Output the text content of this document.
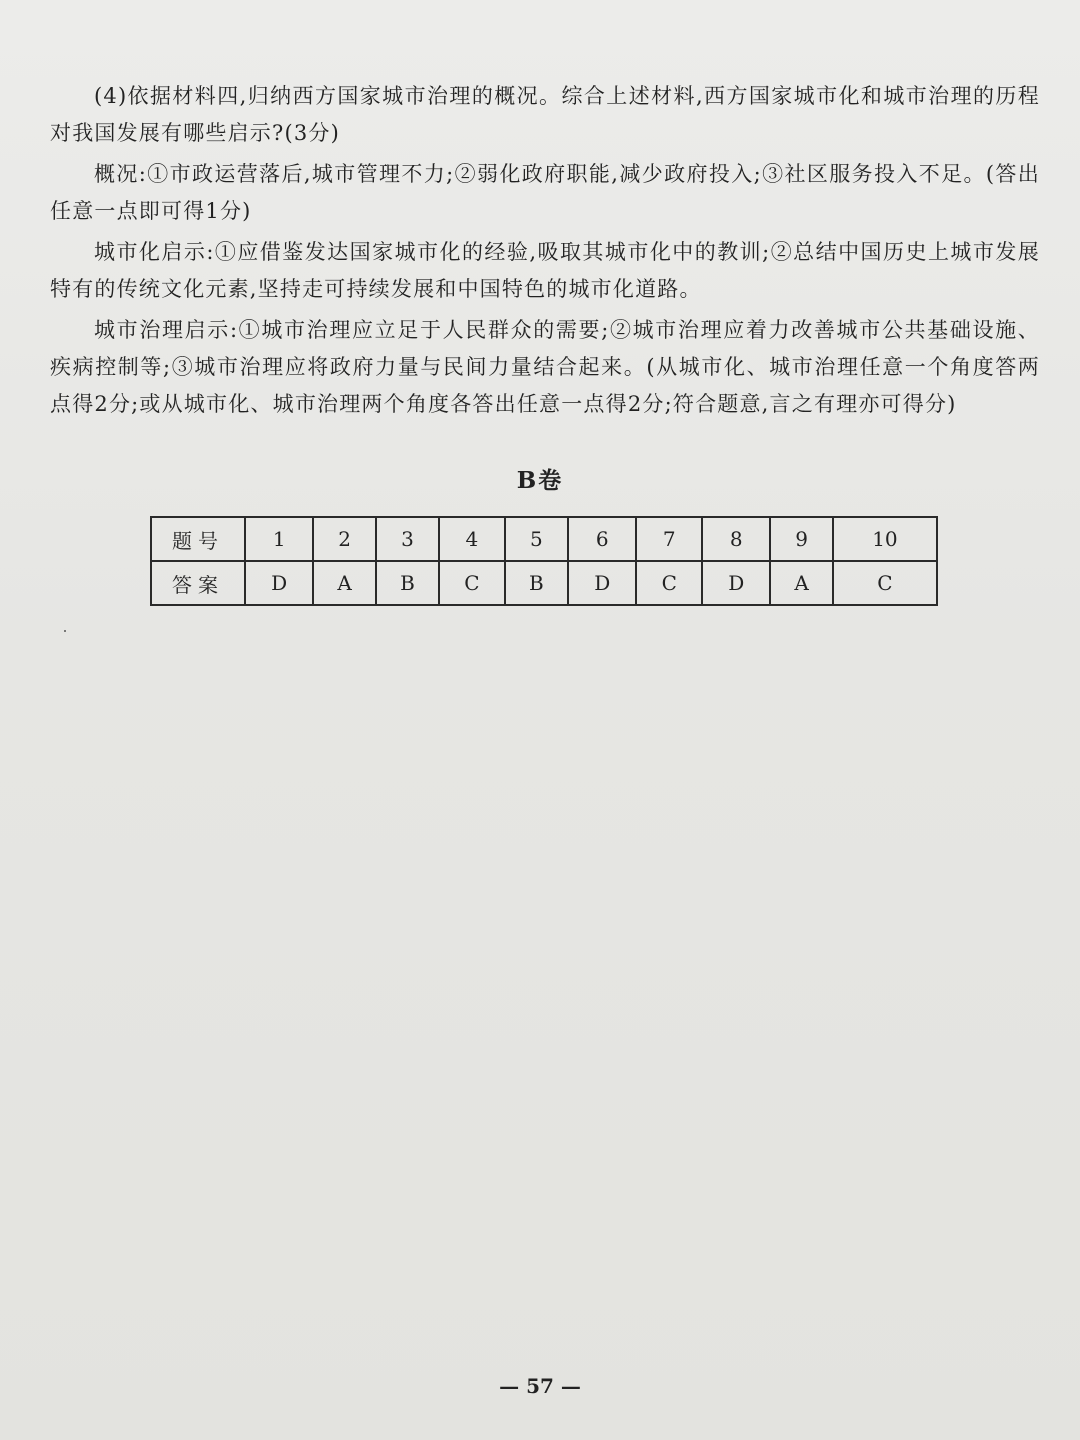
(4)依据材料四,归纳西方国家城市治理的概况。综合上述材料,西方国家城市化和城市治理的历程对我国发展有哪些启示?(3分)

概况:①市政运营落后,城市管理不力;②弱化政府职能,减少政府投入;③社区服务投入不足。(答出任意一点即可得1分)

城市化启示:①应借鉴发达国家城市化的经验,吸取其城市化中的教训;②总结中国历史上城市发展特有的传统文化元素,坚持走可持续发展和中国特色的城市化道路。

城市治理启示:①城市治理应立足于人民群众的需要;②城市治理应着力改善城市公共基础设施、疾病控制等;③城市治理应将政府力量与民间力量结合起来。(从城市化、城市治理任意一个角度答两点得2分;或从城市化、城市治理两个角度各答出任意一点得2分;符合题意,言之有理亦可得分)

B卷
题号	1	2	3	4	5	6	7	8	9	10
答案	D	A	B	C	B	D	C	D	A	C
— 57 —
